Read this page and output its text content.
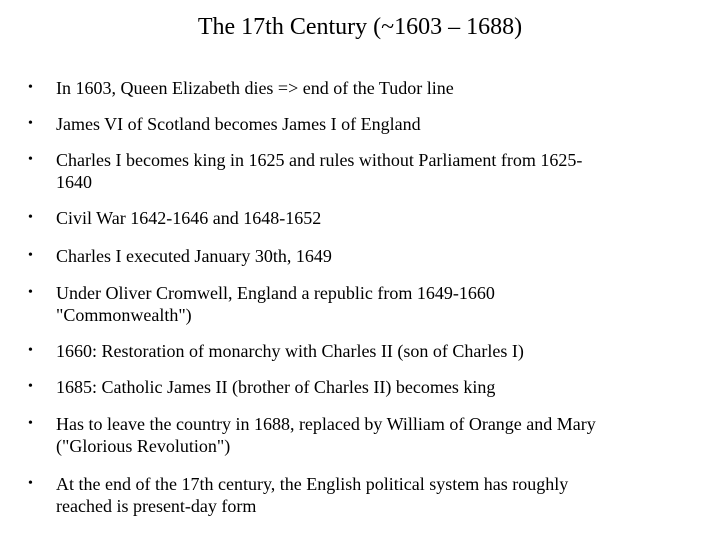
The 17th Century (~1603 – 1688)
•	In 1603, Queen Elizabeth dies => end of the Tudor line
•	James VI of Scotland becomes James I of England
•	Charles I becomes king in 1625 and rules without Parliament from 1625-
1640
•	Civil War 1642-1646 and 1648-1652
•	Charles I executed January 30th, 1649
•	Under Oliver Cromwell, England a republic from 1649-1660
"Commonwealth")
•	1660: Restoration of monarchy with Charles II (son of Charles I)
•	1685: Catholic James II (brother of Charles II) becomes king
•	Has to leave the country in 1688, replaced by William of Orange and Mary
("Glorious Revolution")
•	At the end of the 17th century, the English political system has roughly
reached is present-day form
